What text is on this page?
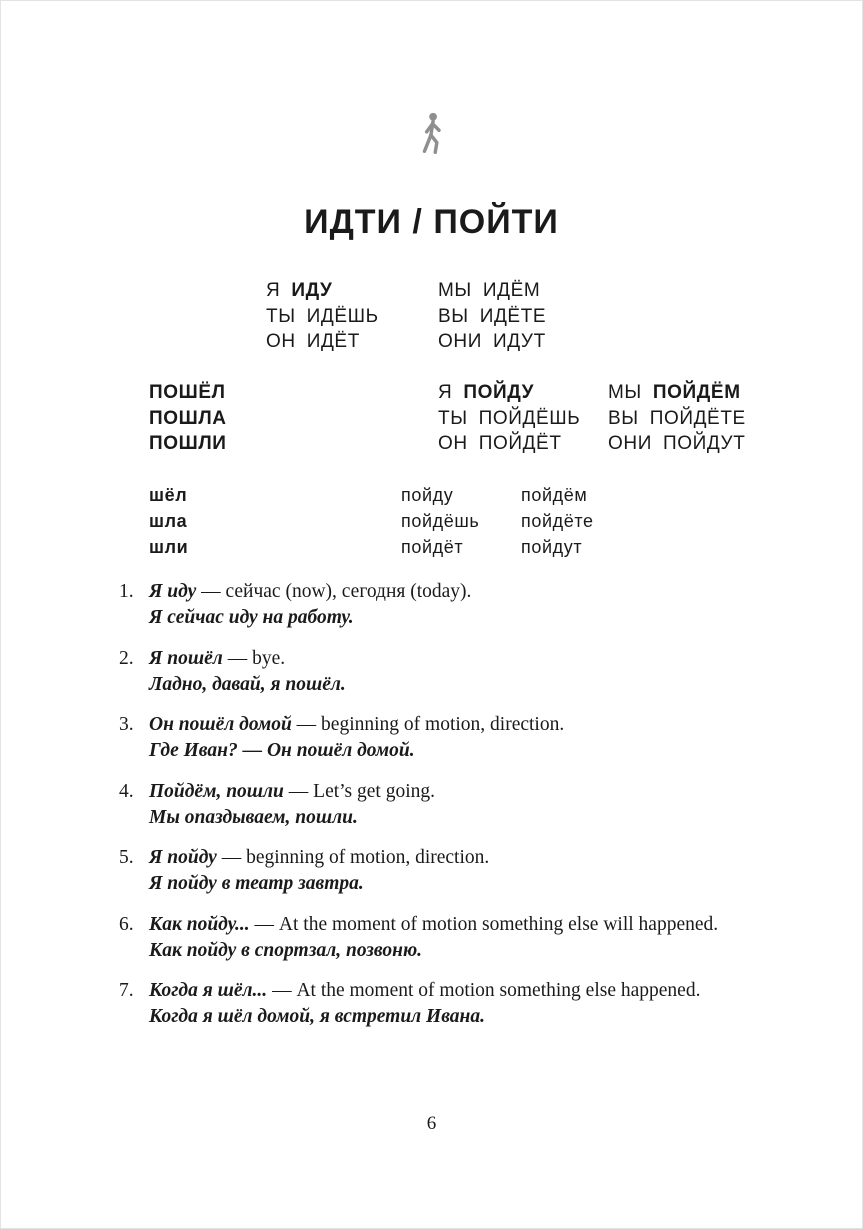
ИДТИ / ПОЙТИ
Я ИДУ
ТЫ ИДЁШЬ
ОН ИДЁТ
МЫ ИДЁМ
ВЫ ИДЁТЕ
ОНИ ИДУТ
ПОШЁЛ
ПОШЛА
ПОШЛИ
Я ПОЙДУ
ТЫ ПОЙДЁШЬ
ОН ПОЙДЁТ
МЫ ПОЙДЁМ
ВЫ ПОЙДЁТЕ
ОНИ ПОЙДУТ
шёл
шла
шли
пойду
пойдёшь
пойдёт
пойдём
пойдёте
пойдут
1. Я иду — сейчас (now), сегодня (today).
Я сейчас иду на работу.
2. Я пошёл — bye.
Ладно, давай, я пошёл.
3. Он пошёл домой — beginning of motion, direction.
Где Иван? — Он пошёл домой.
4. Пойдём, пошли — Let’s get going.
Мы опаздываем, пошли.
5. Я пойду — beginning of motion, direction.
Я пойду в театр завтра.
6. Как пойду... — At the moment of motion something else will happened.
Как пойду в спортзал, позвоню.
7. Когда я шёл... — At the moment of motion something else happened.
Когда я шёл домой, я встретил Ивана.
6
